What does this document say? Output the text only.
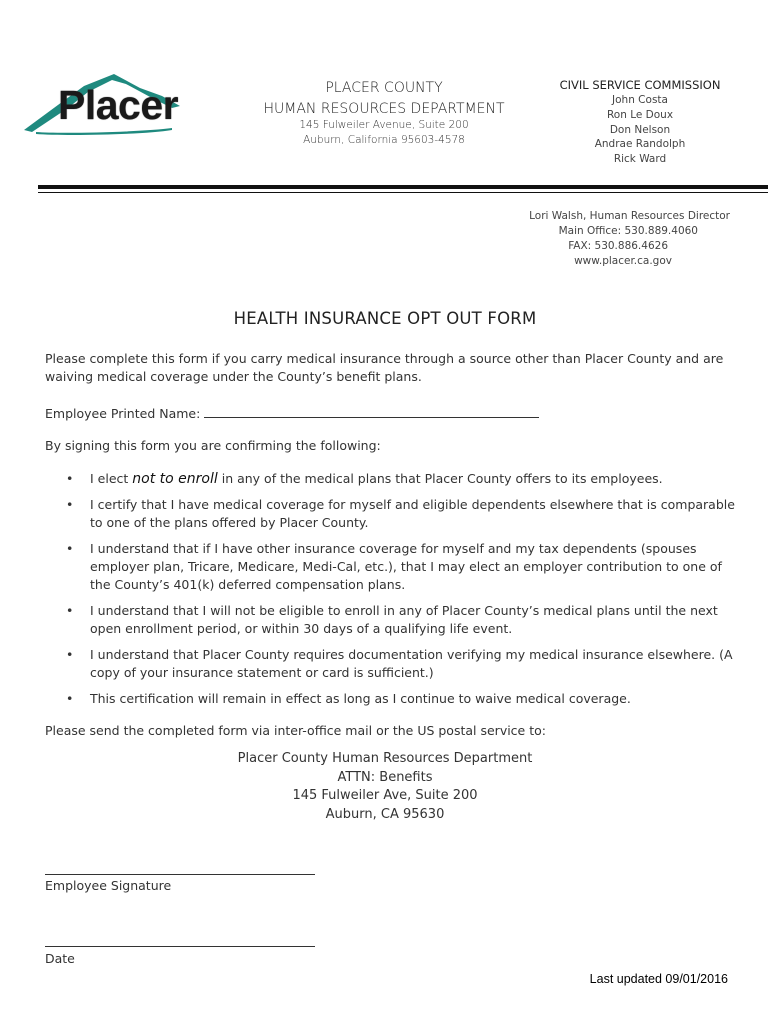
Placer	PLACER COUNTY
HUMAN RESOURCES DEPARTMENT
145 Fulweiler Avenue, Suite 200
Auburn, California 95603-4578
CIVIL SERVICE COMMISSION
John Costa
Ron Le Doux
Don Nelson
Andrae Randolph
Rick Ward
Lori Walsh, Human Resources Director
Main Office: 530.889.4060
FAX: 530.886.4626
www.placer.ca.gov
HEALTH INSURANCE OPT OUT FORM
Please complete this form if you carry medical insurance through a source other than Placer County and are waiving medical coverage under the County’s benefit plans.
Employee Printed Name:
By signing this form you are confirming the following:
• I elect not to enroll in any of the medical plans that Placer County offers to its employees.
• I certify that I have medical coverage for myself and eligible dependents elsewhere that is comparable to one of the plans offered by Placer County.
• I understand that if I have other insurance coverage for myself and my tax dependents (spouses employer plan, Tricare, Medicare, Medi-Cal, etc.), that I may elect an employer contribution to one of the County’s 401(k) deferred compensation plans.
• I understand that I will not be eligible to enroll in any of Placer County’s medical plans until the next open enrollment period, or within 30 days of a qualifying life event.
• I understand that Placer County requires documentation verifying my medical insurance elsewhere. (A copy of your insurance statement or card is sufficient.)
• This certification will remain in effect as long as I continue to waive medical coverage.
Please send the completed form via inter-office mail or the US postal service to:
Placer County Human Resources Department
ATTN: Benefits
145 Fulweiler Ave, Suite 200
Auburn, CA 95630
Employee Signature
Date
Last updated 09/01/2016
